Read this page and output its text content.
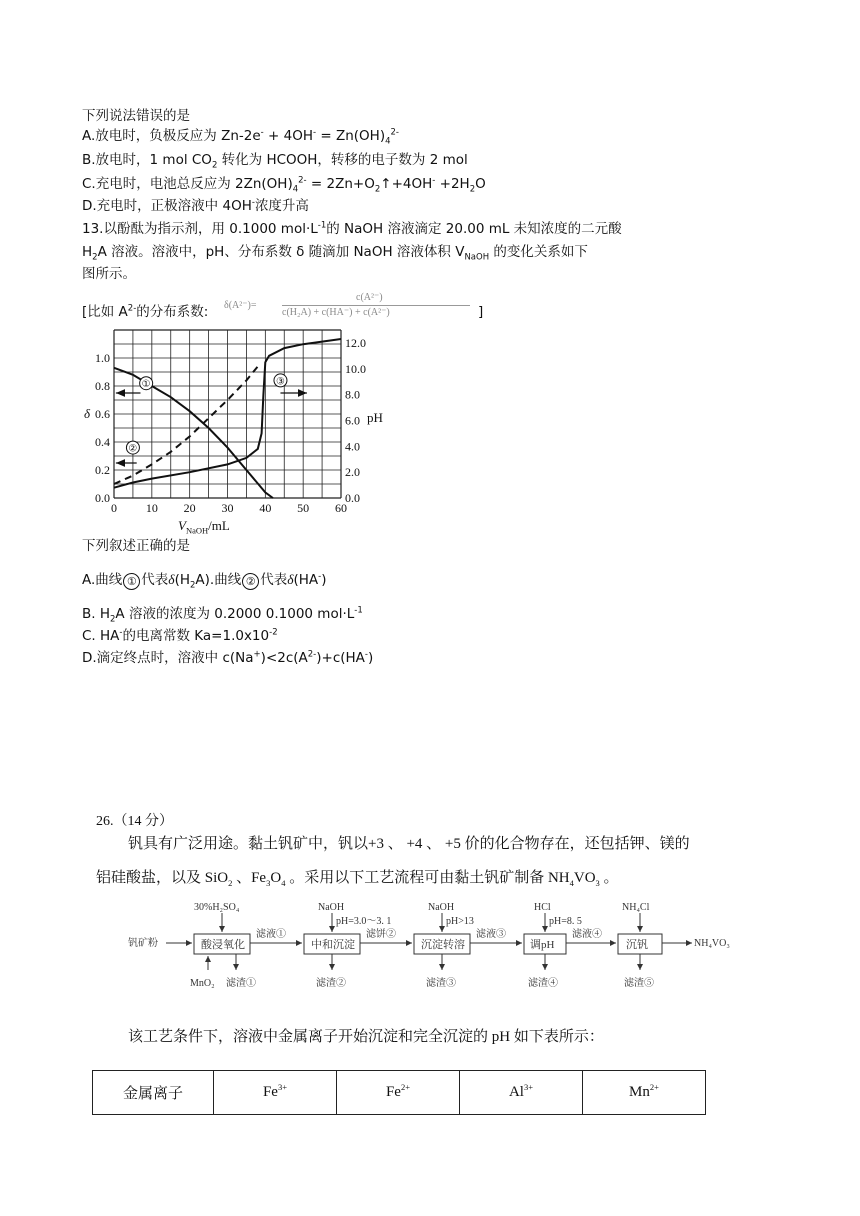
下列说法错误的是
A.放电时，负极反应为 $Zn-2e^- + 4OH^- = Zn(OH)_4^{2-}$
B.放电时，1 mol $CO_2$ 转化为 HCOOH，转移的电子数为 2 mol
C.充电时，电池总反应为 $2Zn(OH)_4^{2-}$ = $2Zn+O_2↑+4OH^- +2H_2O$
D.充电时，正极溶液中 4OH-浓度升高
13.以酚酞为指示剂，用 0.1000 $mol\cdot L^{-1}$的 NaOH 溶液滴定 20.00 mL 未知浓度的二元酸
$H_2A$ 溶液。溶液中，pH、分布系数 δ 随滴加 NaOH 溶液体积 $V_{NaOH}$ 的变化关系如下
图所示。
[比如 $A^{2-}$的分布系数:	]
δ(A²⁻)=
c(A²⁻)
c(H₂A) + c(HA⁻) + c(A²⁻)
0 10 20 30 40 50 60
0.0
0.2
0.4
0.6
0.8
1.0
0.0
2.0
4.0
6.0
8.0
10.0
12.0
δ	pH
①
②
③
$V_{NaOH}/mL$
下列叙述正确的是
A.曲线 ① 代表$\delta(H_2A)$.曲线 ② 代表δ(HA-)
B. $H_2A$ 溶液的浓度为 0.2000 0.1000 $mol\cdot L^{-1}$
C. HA-的电离常数 $Ka=1.0x10^{-2}$
D.滴定终点时，溶液中 $c(Na^+)<2c(A^{2-})+c(HA^-)$
26.（14 分）
钒具有广泛用途。黏土钒矿中，钒以+3 、 +4 、 +5 价的化合物存在，还包括钾、镁的
铝硅酸盐，以及 SiO$_2$ 、$Fe_3O_4$ 。采用以下工艺流程可由黏土钒矿制备 $NH_4VO_3$ 。
钒矿粉	酸浸氧化	中和沉淀	沉淀转溶	调pH	沉钒
滤液①	滤饼②	滤液③	滤液④
NH₄VO₃
30%H₂SO₄	NaOH
pH=3.0～3. 1
NaOH
pH>13
HCl
pH=8. 5
NH₄Cl
MnO₂ 滤渣①	滤渣②	滤渣③	滤渣④	滤渣⑤
该工艺条件下，溶液中金属离子开始沉淀和完全沉淀的 pH 如下表所示：
金属离子	$Fe^{3+}$	$Fe^{2+}$	$Al^{3+}$	$Mn^{2+}$
